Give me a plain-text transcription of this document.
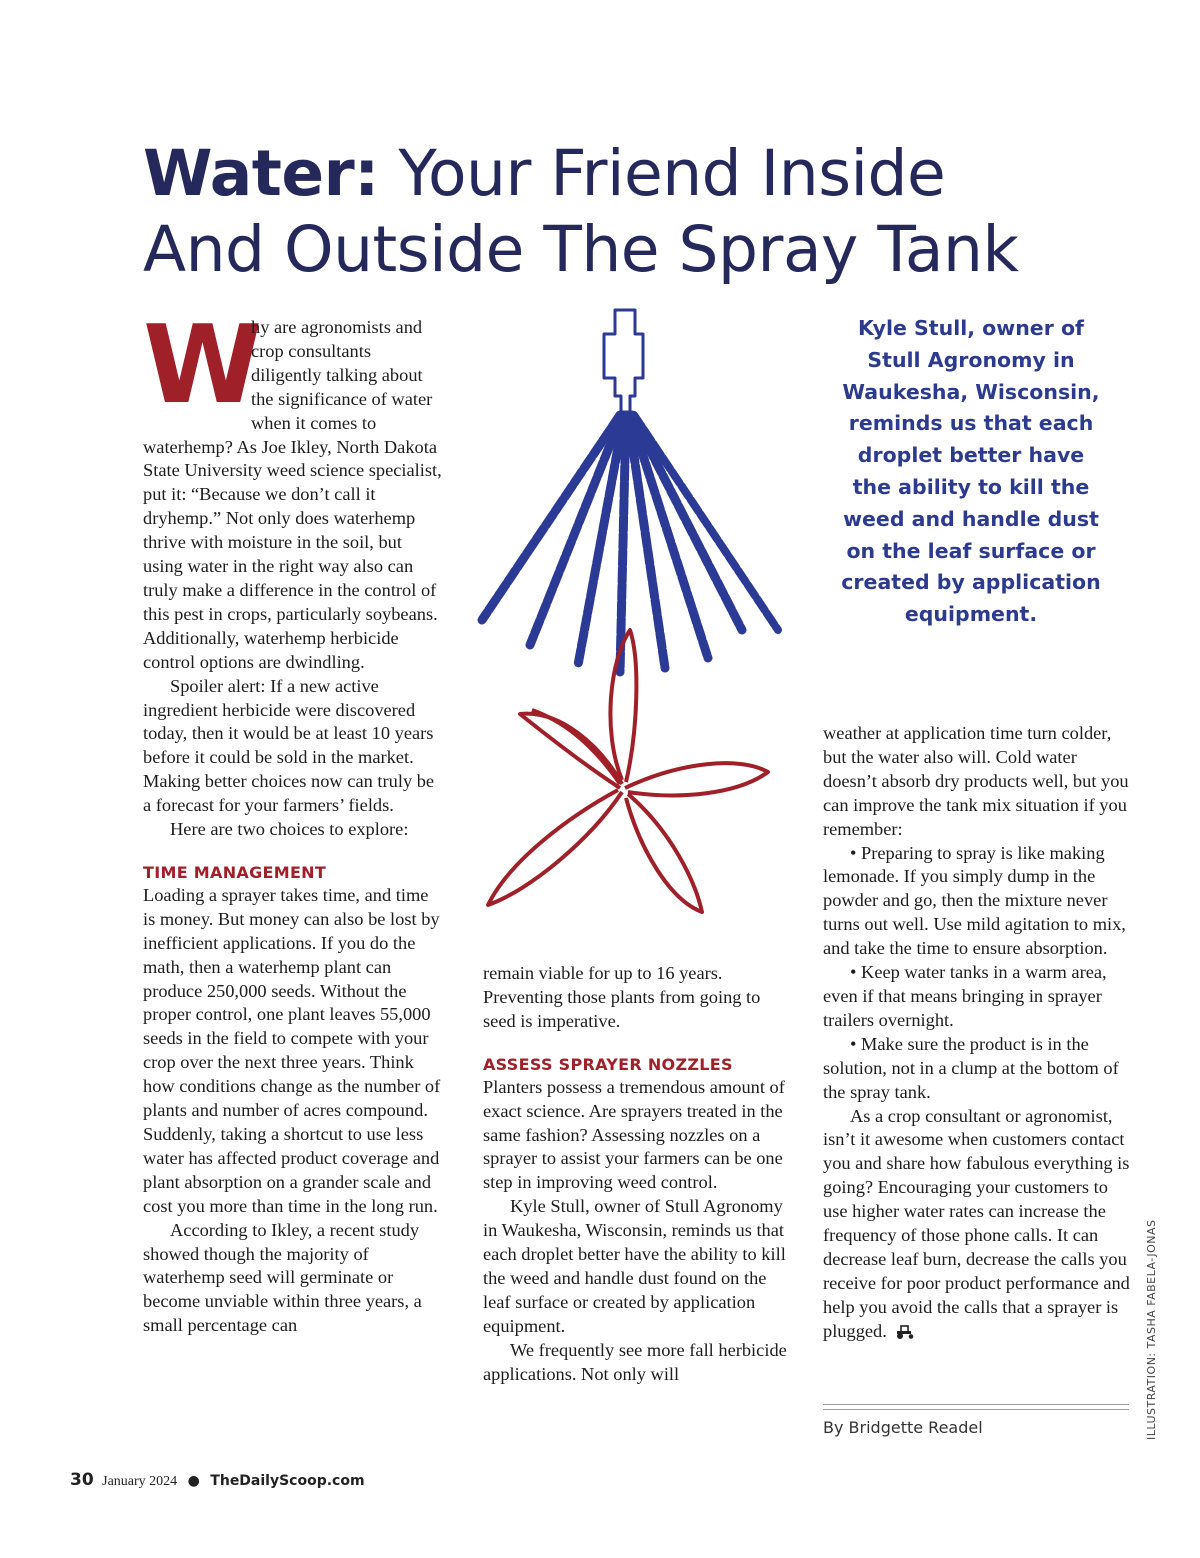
Water: Your Friend Inside
And Outside The Spray Tank
W

hy are agronomists and crop consultants diligently talking about the significance of water when it comes to waterhemp? As Joe Ikley, North Dakota State University weed science specialist, put it: “Because we don’t call it dryhemp.” Not only does waterhemp thrive with moisture in the soil, but using water in the right way also can truly make a difference in the control of this pest in crops, particularly soybeans. Additionally, waterhemp herbicide control options are dwindling.

Spoiler alert: If a new active ingredient herbicide were discovered today, then it would be at least 10 years before it could be sold in the market. Making better choices now can truly be a forecast for your farmers’ fields.

Here are two choices to explore:

TIME MANAGEMENT

Loading a sprayer takes time, and time is money. But money can also be lost by inefficient applications. If you do the math, then a waterhemp plant can produce 250,000 seeds. Without the proper control, one plant leaves 55,000 seeds in the field to compete with your crop over the next three years. Think how conditions change as the number of plants and number of acres compound. Suddenly, taking a shortcut to use less water has affected product coverage and plant absorption on a grander scale and cost you more than time in the long run.

According to Ikley, a recent study showed though the majority of waterhemp seed will germinate or become unviable within three years, a small percentage can

Kyle Stull, owner of Stull Agronomy in Waukesha, Wisconsin, reminds us that each droplet better have the ability to kill the weed and handle dust on the leaf surface or created by application equipment.

remain viable for up to 16 years. Preventing those plants from going to seed is imperative.

ASSESS SPRAYER NOZZLES

Planters possess a tremendous amount of exact science. Are sprayers treated in the same fashion? Assessing nozzles on a sprayer to assist your farmers can be one step in improving weed control.

Kyle Stull, owner of Stull Agronomy in Waukesha, Wisconsin, reminds us that each droplet better have the ability to kill the weed and handle dust found on the leaf surface or created by application equipment.

We frequently see more fall herbicide applications. Not only will

weather at application time turn colder, but the water also will. Cold water doesn’t absorb dry products well, but you can improve the tank mix situation if you remember:

• Preparing to spray is like making lemonade. If you simply dump in the powder and go, then the mixture never turns out well. Use mild agitation to mix, and take the time to ensure absorption.

• Keep water tanks in a warm area, even if that means bringing in sprayer trailers overnight.

• Make sure the product is in the solution, not in a clump at the bottom of the spray tank.

As a crop consultant or agronomist, isn’t it awesome when customers contact you and share how fabulous everything is going? Encouraging your customers to use higher water rates can increase the frequency of those phone calls. It can decrease leaf burn, decrease the calls you receive for poor product performance and help you avoid the calls that a sprayer is plugged.

By Bridgette Readel	ILLUSTRATION: TASHA FABELA-JONAS
30 January 2024 ● TheDailyScoop.com
